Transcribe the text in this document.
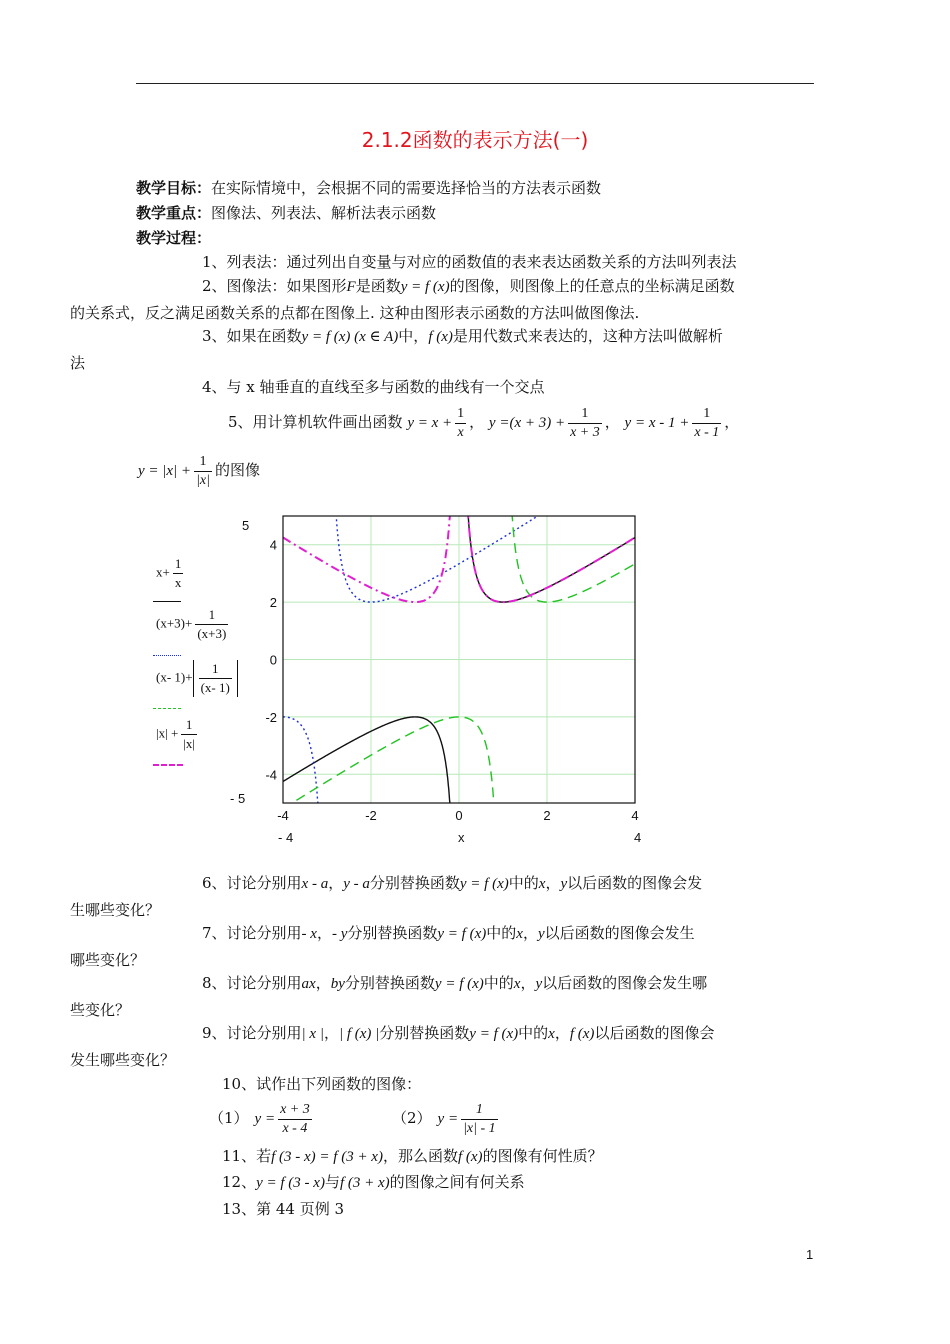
2.1.2函数的表示方法(一)
教学目标：在实际情境中，会根据不同的需要选择恰当的方法表示函数
教学重点：图像法、列表法、解析法表示函数
教学过程：
1、列表法：通过列出自变量与对应的函数值的表来表达函数关系的方法叫列表法
2、图像法：如果图形F是函数y = f (x)的图像，则图像上的任意点的坐标满足函数
的关系式，反之满足函数关系的点都在图像上. 这种由图形表示函数的方法叫做图像法.
3、如果在函数y = f (x) (x ∈ A)中，f (x)是用代数式来表达的，这种方法叫做解析
法
4、与 x 轴垂直的直线至多与函数的曲线有一个交点
5、用计算机软件画出函数 $y = x + \frac{1}{x}$ ， $y =(x + 3) + \frac{1}{x + 3}$ ， $y = x - 1 + \frac{1}{x - 1}$ ，
$y = |x| + \frac{1}{|x|}$ 的图像
5
- 5
- 4	4
x
-4	-2	0	2	4
4
2
0
-2
-4
$x+ \frac{1}{x}$
$(x+3)+ \frac{1}{(x+3)}$
(x- $1)+ \frac{1}{(x- 1)}$
$|x| + \frac{1}{|x|}$
6、讨论分别用x - a，y - a分别替换函数y = f (x)中的x，y以后函数的图像会发
生哪些变化？
7、讨论分别用- x，- y分别替换函数y = f (x)中的x，y以后函数的图像会发生
哪些变化？
8、讨论分别用ax，by分别替换函数y = f (x)中的x，y以后函数的图像会发生哪
些变化？
9、讨论分别用| x |，| f (x) |分别替换函数y = f (x)中的x，f (x)以后函数的图像会
发生哪些变化？
10、试作出下列函数的图像：
（1） $y = \frac{x + 3}{x - 4}$	（2） $y = \frac{1}{|x| - 1}$
11、若f (3 - x) = f (3 + x)，那么函数f (x)的图像有何性质？
12、y = f (3 - x)与f (3 + x)的图像之间有何关系
13、第 44 页例 3
1
